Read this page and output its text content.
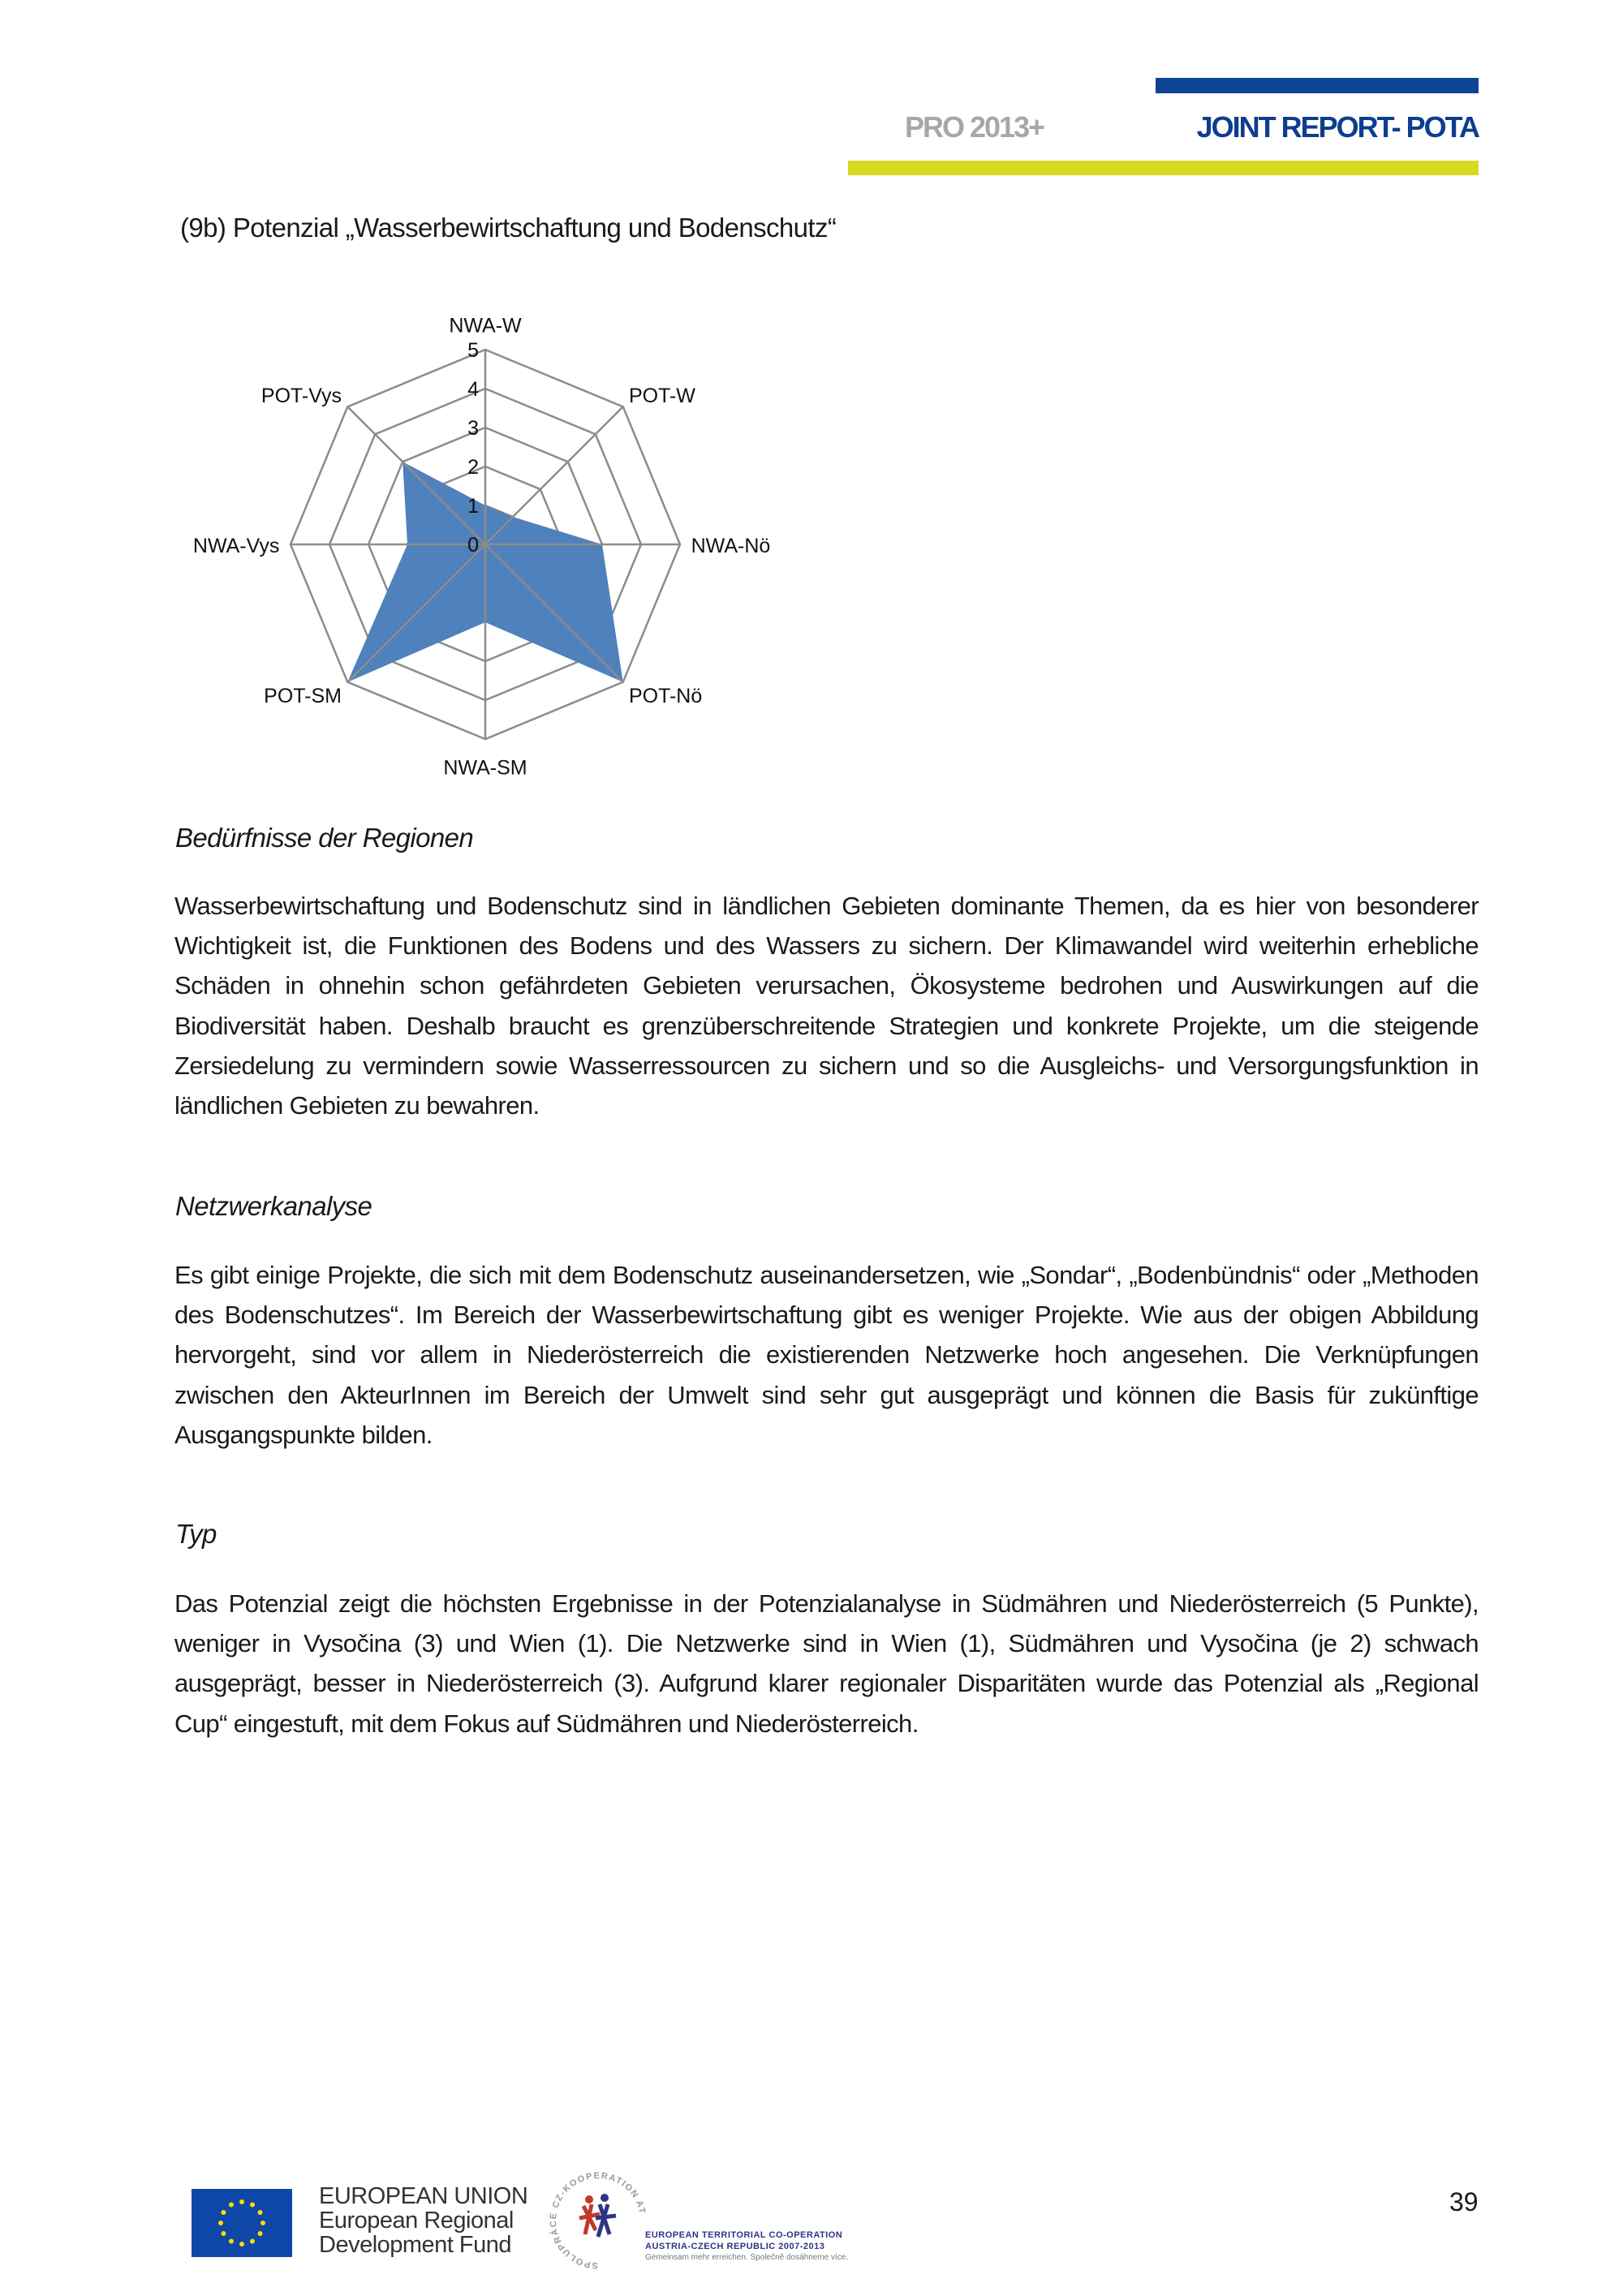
PRO 2013+	JOINT REPORT- POTA
(9b) Potenzial „Wasserbewirtschaftung und Bodenschutz“
0
1
2
3
4
5
NWA-W
POT-W
NWA-Nö
POT-Nö
NWA-SM
POT-SM
NWA-Vys
POT-Vys
Bedürfnisse der Regionen
Wasserbewirtschaftung und Bodenschutz sind in ländlichen Gebieten dominante Themen, da es hier von besonderer Wichtigkeit ist, die Funktionen des Bodens und des Wassers zu sichern. Der Klimawandel wird weiterhin erhebliche Schäden in ohnehin schon gefährdeten Gebieten verursachen, Ökosysteme bedrohen und Auswirkungen auf die Biodiversität haben. Deshalb braucht es grenzüberschreitende Strategien und konkrete Projekte, um die steigende Zersiedelung zu vermindern sowie Wasserressourcen zu sichern und so die Ausgleichs- und Versorgungsfunktion in ländlichen Gebieten zu bewahren.
Netzwerkanalyse
Es gibt einige Projekte, die sich mit dem Bodenschutz auseinandersetzen, wie „Sondar“, „Bodenbündnis“ oder „Methoden des Bodenschutzes“. Im Bereich der Wasserbewirtschaftung gibt es weniger Projekte. Wie aus der obigen Abbildung hervorgeht, sind vor allem in Niederösterreich die existierenden Netzwerke hoch angesehen. Die Verknüpfungen zwischen den AkteurInnen im Bereich der Umwelt sind sehr gut ausgeprägt und können die Basis für zukünftige Ausgangspunkte bilden.
Typ
Das Potenzial zeigt die höchsten Ergebnisse in der Potenzialanalyse in Südmähren und Niederösterreich (5 Punkte), weniger in Vysočina (3) und Wien (1). Die Netzwerke sind in Wien (1), Südmähren und Vysočina (je 2) schwach ausgeprägt, besser in Niederösterreich (3). Aufgrund klarer regionaler Disparitäten wurde das Potenzial als „Regional Cup“ eingestuft, mit dem Fokus auf Südmähren und Niederösterreich.
EUROPEAN UNION
European Regional
Development Fund
SPOLUPRÁCE CZ-KOOPERATION AT
EUROPEAN TERRITORIAL CO-OPERATION
AUSTRIA-CZECH REPUBLIC 2007-2013
Gemeinsam mehr erreichen. Společně dosáhneme více.
39
